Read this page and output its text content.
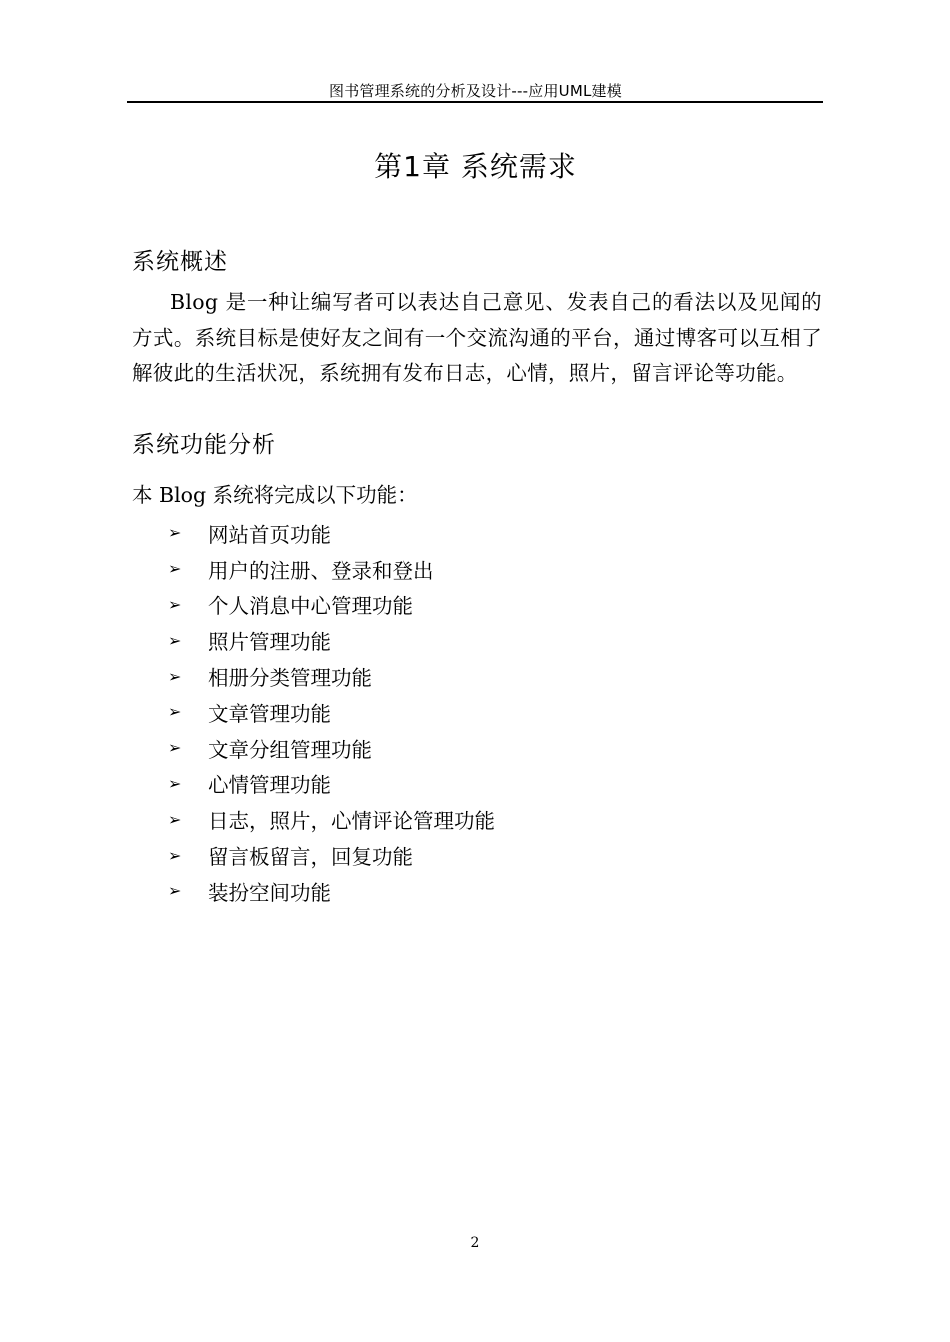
图书管理系统的分析及设计---应用UML建模
第1章 系统需求
系统概述

Blog 是一种让编写者可以表达自己意见、发表自己的看法以及见闻的方式。系统目标是使好友之间有一个交流沟通的平台，通过博客可以互相了解彼此的生活状况，系统拥有发布日志，心情，照片，留言评论等功能。

系统功能分析
本 Blog 系统将完成以下功能：
➢	网站首页功能
➢	用户的注册、登录和登出
➢	个人消息中心管理功能
➢	照片管理功能
➢	相册分类管理功能
➢	文章管理功能
➢	文章分组管理功能
➢	心情管理功能
➢	日志，照片，心情评论管理功能
➢	留言板留言，回复功能
➢	装扮空间功能
2
